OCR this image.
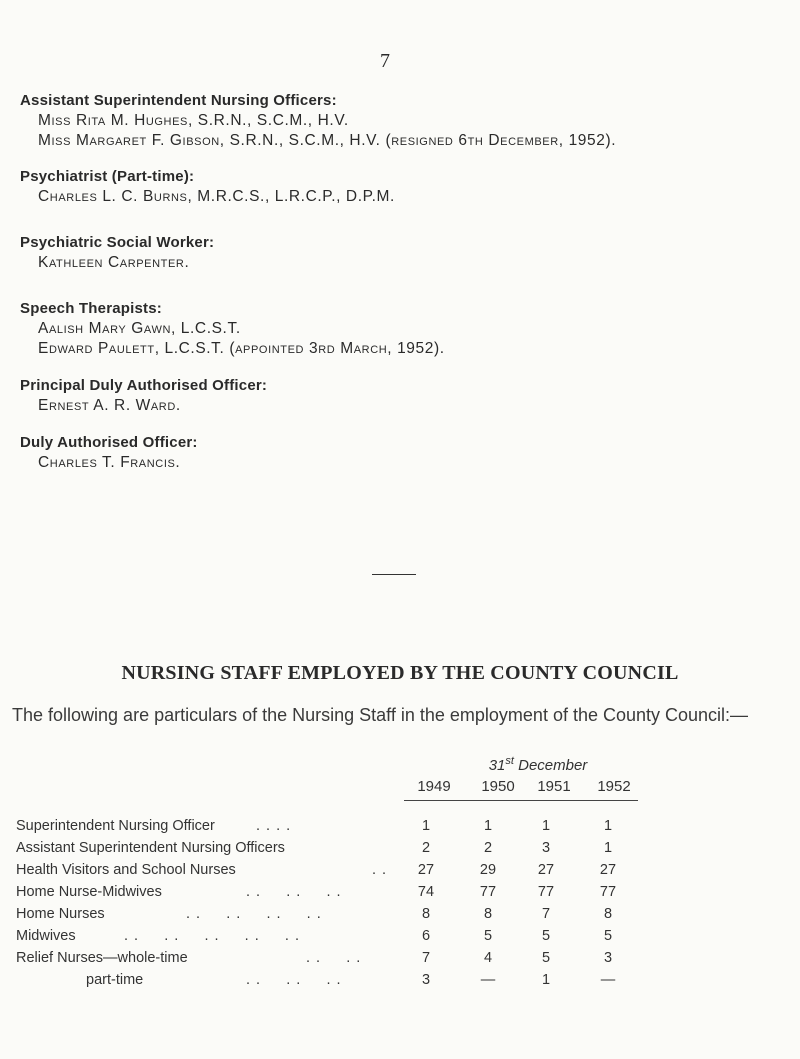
7
Assistant Superintendent Nursing Officers:
Miss Rita M. Hughes, S.R.N., S.C.M., H.V.
Miss Margaret F. Gibson, S.R.N., S.C.M., H.V. (resigned 6th December, 1952).
Psychiatrist (Part-time):
Charles L. C. Burns, M.R.C.S., L.R.C.P., D.P.M.
Psychiatric Social Worker:
Kathleen Carpenter.
Speech Therapists:
Aalish Mary Gawn, L.C.S.T.
Edward Paulett, L.C.S.T. (appointed 3rd March, 1952).
Principal Duly Authorised Officer:
Ernest A. R. Ward.
Duly Authorised Officer:
Charles T. Francis.
NURSING STAFF EMPLOYED BY THE COUNTY COUNCIL
The following are particulars of the Nursing Staff in the employment of the County Council:—
31st December
1949	1950	1951	1952
Superintendent Nursing Officer	. . . .	1	1	1	1
Assistant Superintendent Nursing Officers	2	2	3	1
Health Visitors and School Nurses	. .	27	29	27	27
Home Nurse-Midwives	. .     . .     . .	74	77	77	77
Home Nurses	. .     . .     . .     . .	8	8	7	8
Midwives	. .     . .     . .     . .     . .	6	5	5	5
Relief Nurses—whole-time	. .     . .	7	4	5	3
part-time	. .     . .     . .	3	—	1	—
